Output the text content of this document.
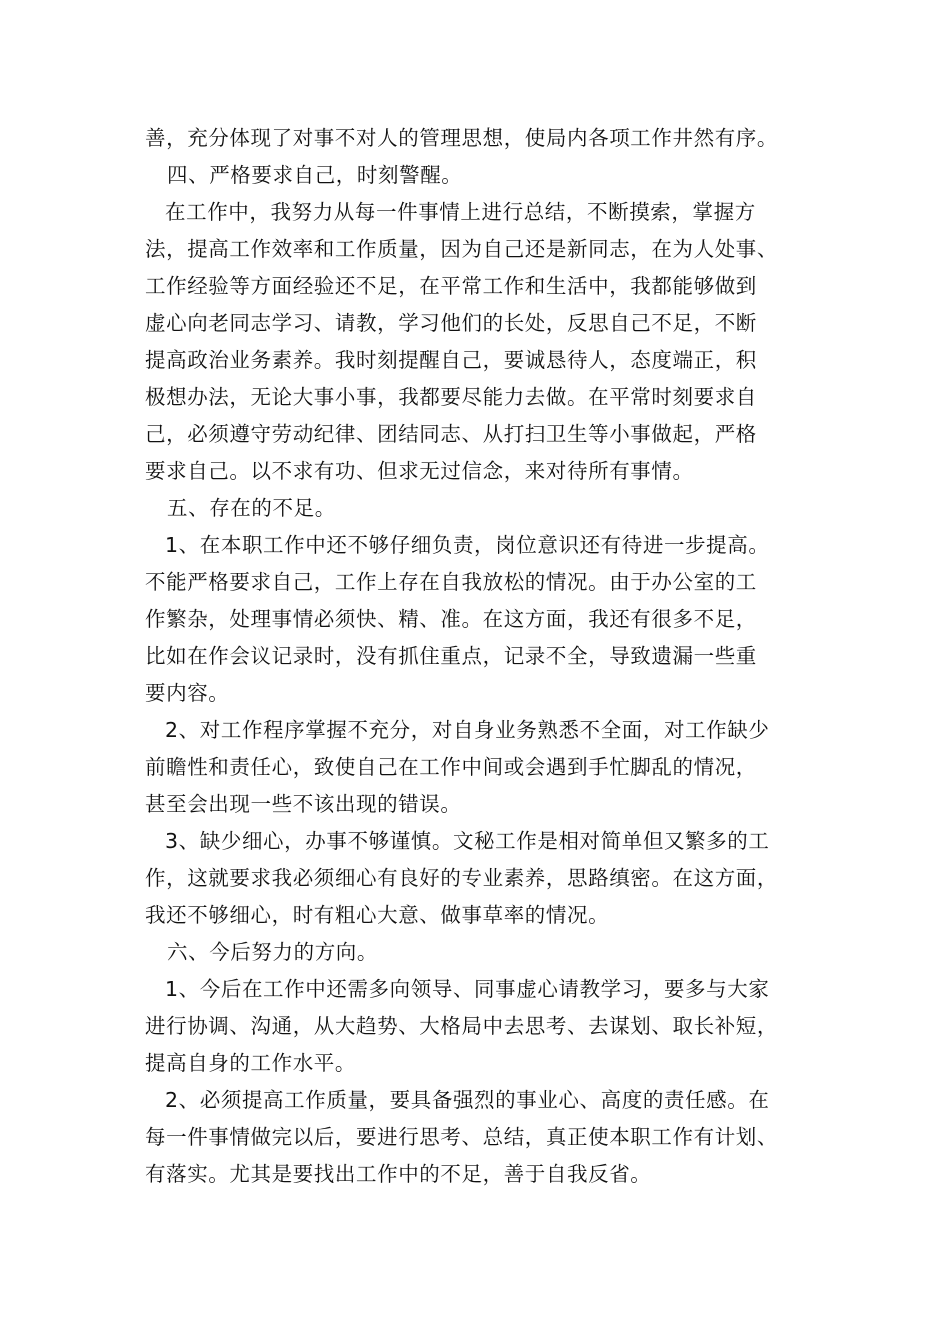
善，充分体现了对事不对人的管理思想，使局内各项工作井然有序。
四、严格要求自己，时刻警醒。
在工作中，我努力从每一件事情上进行总结，不断摸索，掌握方
法，提高工作效率和工作质量，因为自己还是新同志，在为人处事、
工作经验等方面经验还不足，在平常工作和生活中，我都能够做到
虚心向老同志学习、请教，学习他们的长处，反思自己不足，不断
提高政治业务素养。我时刻提醒自己，要诚恳待人，态度端正，积
极想办法，无论大事小事，我都要尽能力去做。在平常时刻要求自
己，必须遵守劳动纪律、团结同志、从打扫卫生等小事做起，严格
要求自己。以不求有功、但求无过信念，来对待所有事情。
五、存在的不足。
1、在本职工作中还不够仔细负责，岗位意识还有待进一步提高。
不能严格要求自己，工作上存在自我放松的情况。由于办公室的工
作繁杂，处理事情必须快、精、准。在这方面，我还有很多不足，
比如在作会议记录时，没有抓住重点，记录不全，导致遗漏一些重
要内容。
2、对工作程序掌握不充分，对自身业务熟悉不全面，对工作缺少
前瞻性和责任心，致使自己在工作中间或会遇到手忙脚乱的情况，
甚至会出现一些不该出现的错误。
3、缺少细心，办事不够谨慎。文秘工作是相对简单但又繁多的工
作，这就要求我必须细心有良好的专业素养，思路缜密。在这方面，
我还不够细心，时有粗心大意、做事草率的情况。
六、今后努力的方向。
1、今后在工作中还需多向领导、同事虚心请教学习，要多与大家
进行协调、沟通，从大趋势、大格局中去思考、去谋划、取长补短，
提高自身的工作水平。
2、必须提高工作质量，要具备强烈的事业心、高度的责任感。在
每一件事情做完以后，要进行思考、总结，真正使本职工作有计划、
有落实。尤其是要找出工作中的不足，善于自我反省。
